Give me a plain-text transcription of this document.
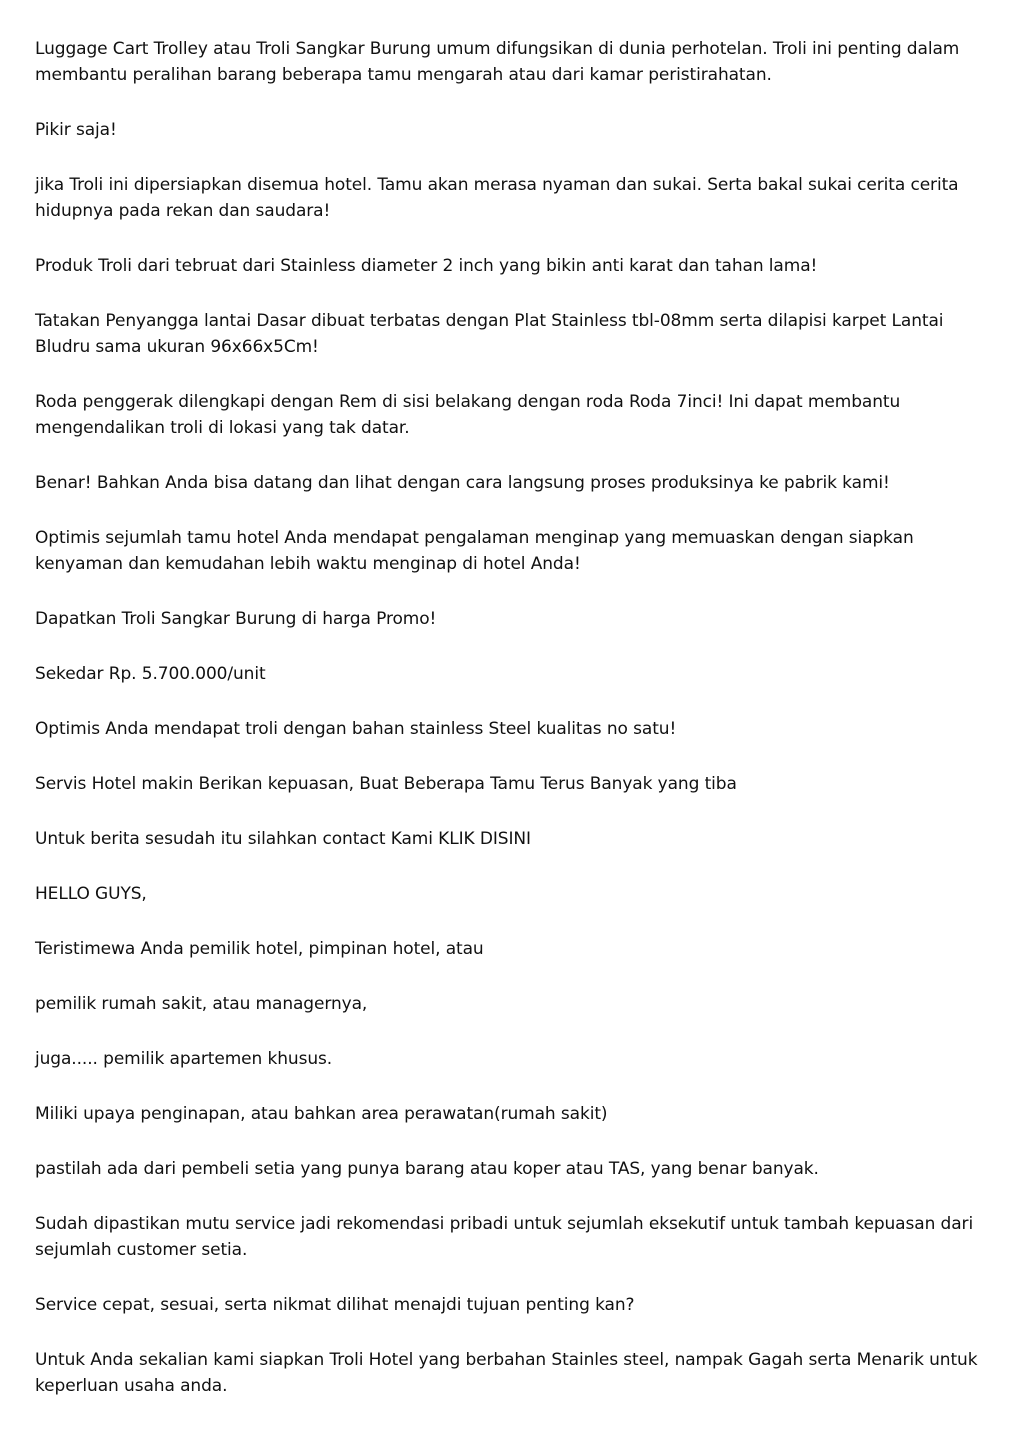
Luggage Cart Trolley atau Troli Sangkar Burung umum difungsikan di dunia perhotelan. Troli ini penting dalam membantu peralihan barang beberapa tamu mengarah atau dari kamar peristirahatan.

Pikir saja!

jika Troli ini dipersiapkan disemua hotel. Tamu akan merasa nyaman dan sukai. Serta bakal sukai cerita cerita hidupnya pada rekan dan saudara!

Produk Troli dari tebruat dari Stainless diameter 2 inch yang bikin anti karat dan tahan lama!

Tatakan Penyangga lantai Dasar dibuat terbatas dengan Plat Stainless tbl-08mm serta dilapisi karpet Lantai Bludru sama ukuran 96x66x5Cm!

Roda penggerak dilengkapi dengan Rem di sisi belakang dengan roda Roda 7inci! Ini dapat membantu mengendalikan troli di lokasi yang tak datar.

Benar! Bahkan Anda bisa datang dan lihat dengan cara langsung proses produksinya ke pabrik kami!

Optimis sejumlah tamu hotel Anda mendapat pengalaman menginap yang memuaskan dengan siapkan kenyaman dan kemudahan lebih waktu menginap di hotel Anda!

Dapatkan Troli Sangkar Burung di harga Promo!

Sekedar Rp. 5.700.000/unit

Optimis Anda mendapat troli dengan bahan stainless Steel kualitas no satu!

Servis Hotel makin Berikan kepuasan, Buat Beberapa Tamu Terus Banyak yang tiba

Untuk berita sesudah itu silahkan contact Kami KLIK DISINI

HELLO GUYS,

Teristimewa Anda pemilik hotel, pimpinan hotel, atau

pemilik rumah sakit, atau managernya,

juga..... pemilik apartemen khusus.

Miliki upaya penginapan, atau bahkan area perawatan(rumah sakit)

pastilah ada dari pembeli setia yang punya barang atau koper atau TAS, yang benar banyak.

Sudah dipastikan mutu service jadi rekomendasi pribadi untuk sejumlah eksekutif untuk tambah kepuasan dari sejumlah customer setia.

Service cepat, sesuai, serta nikmat dilihat menajdi tujuan penting kan?

Untuk Anda sekalian kami siapkan Troli Hotel yang berbahan Stainles steel, nampak Gagah serta Menarik untuk keperluan usaha anda.
